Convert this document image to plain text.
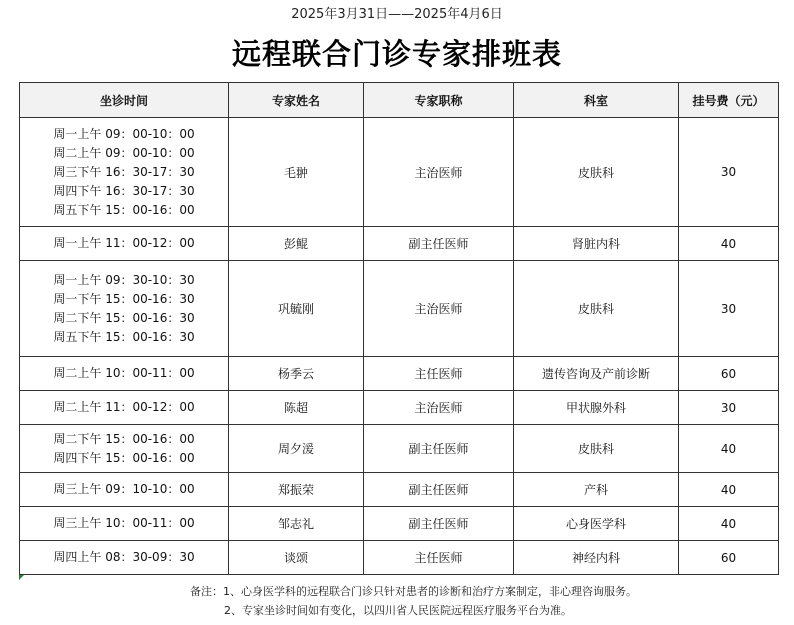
2025年3月31日——2025年4月6日
远程联合门诊专家排班表
坐诊时间	专家姓名	专家职称	科室	挂号费（元）

周一上午 09：00-10：00
周二上午 09：00-10：00
周三下午 16：30-17：30
周四下午 16：30-17：30
周五下午 15：00-16：00	毛翀	主治医师	皮肤科	30

周一上午 11：00-12：00	彭鲲	副主任医师	肾脏内科	40

周一上午 09：30-10：30
周一下午 15：00-16：30
周二下午 15：00-16：30
周五下午 15：00-16：30	巩毓刚	主治医师	皮肤科	30

周二上午 10：00-11：00	杨季云	主任医师	遗传咨询及产前诊断	60

周二上午 11：00-12：00	陈超	主治医师	甲状腺外科	30

周二下午 15：00-16：00
周四下午 15：00-16：00	周夕湲	副主任医师	皮肤科	40

周三上午 09：10-10：00	郑振荣	副主任医师	产科	40

周三上午 10：00-11：00	邹志礼	副主任医师	心身医学科	40

周四上午 08：30-09：30	谈颂	主任医师	神经内科	60
备注：1、心身医学科的远程联合门诊只针对患者的诊断和治疗方案制定，非心理咨询服务。
2、专家坐诊时间如有变化，以四川省人民医院远程医疗服务平台为准。
